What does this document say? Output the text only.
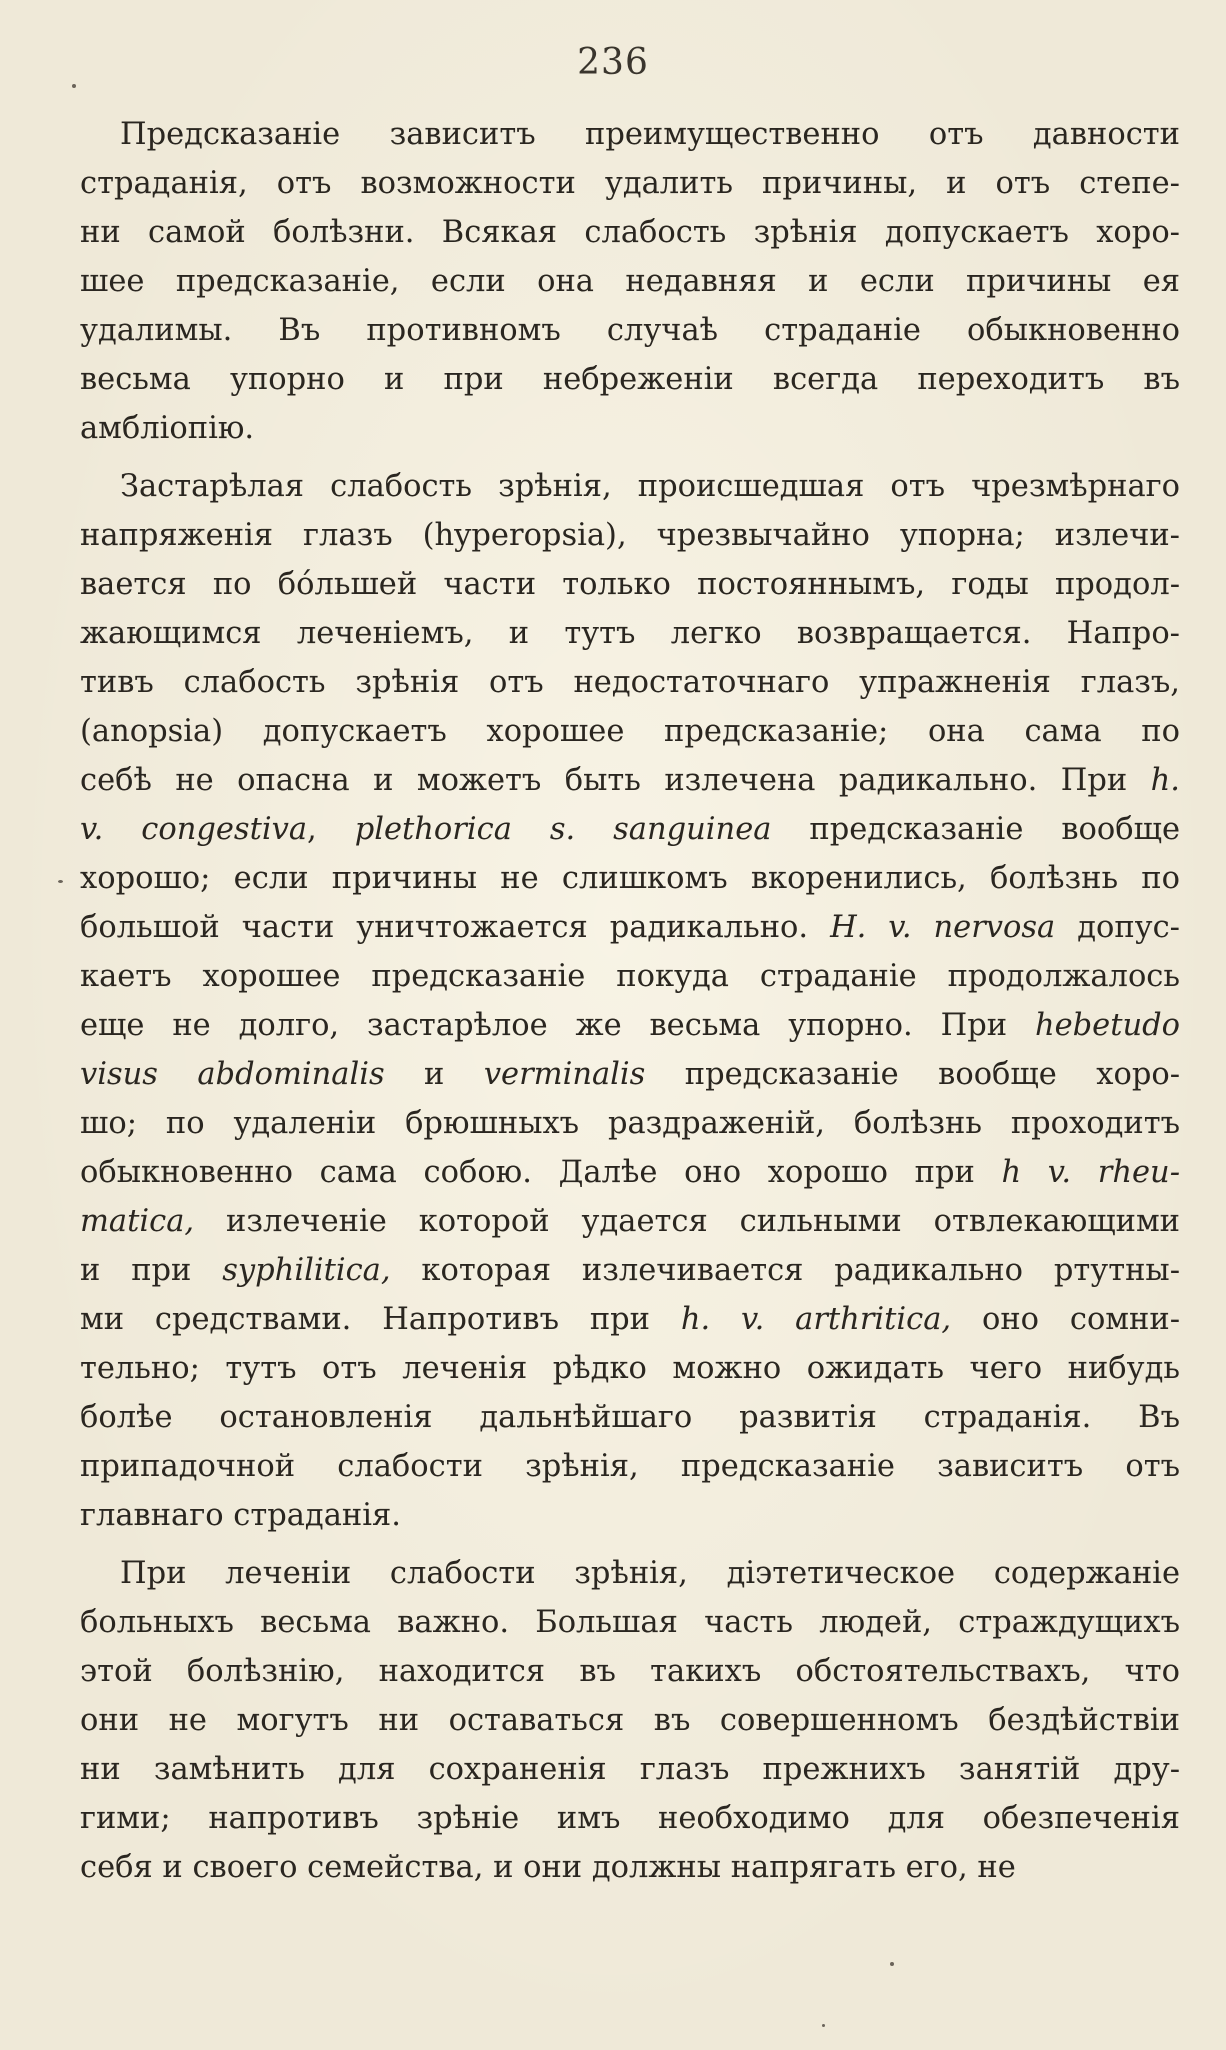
236
Предсказаніе зависитъ преимущественно отъ давности
страданія, отъ возможности удалить причины, и отъ степе-
ни самой болѣзни. Всякая слабость зрѣнія допускаетъ хоро-
шее предсказаніе, если она недавняя и если причины ея
удалимы. Въ противномъ случаѣ страданіе обыкновенно
весьма упорно и при небреженіи всегда переходитъ въ
амбліопію.
Застарѣлая слабость зрѣнія, происшедшая отъ чрезмѣрнаго
напряженія глазъ (hyperopsia), чрезвычайно упорна; излечи-
вается по бо́льшей части только постояннымъ, годы продол-
жающимся леченіемъ, и тутъ легко возвращается. Напро-
тивъ слабость зрѣнія отъ недостаточнаго упражненія глазъ,
(anopsia) допускаетъ хорошее предсказаніе; она сама по
себѣ не опасна и можетъ быть излечена радикально. При h.
v. congestiva, plethorica s. sanguinea предсказаніе вообще
хорошо; если причины не слишкомъ вкоренились, болѣзнь по
большой части уничтожается радикально. H. v. nervosa допус-
каетъ хорошее предсказаніе покуда страданіе продолжалось
еще не долго, застарѣлое же весьма упорно. При hebetudo
visus abdominalis и verminalis предсказаніе вообще хоро-
шо; по удаленіи брюшныхъ раздраженій, болѣзнь проходитъ
обыкновенно сама собою. Далѣе оно хорошо при h v. rheu-
matica, излеченіе которой удается сильными отвлекающими
и при syphilitica, которая излечивается радикально ртутны-
ми средствами. Напротивъ при h. v. arthritica, оно сомни-
тельно; тутъ отъ леченія рѣдко можно ожидать чего нибудь
болѣе остановленія дальнѣйшаго развитія страданія. Въ
припадочной слабости зрѣнія, предсказаніе зависитъ отъ
главнаго страданія.
При леченіи слабости зрѣнія, діэтетическое содержаніе
больныхъ весьма важно. Большая часть людей, страждущихъ
этой болѣзнію, находится въ такихъ обстоятельствахъ, что
они не могутъ ни оставаться въ совершенномъ бездѣйствіи
ни замѣнить для сохраненія глазъ прежнихъ занятій дру-
гими; напротивъ зрѣніе имъ необходимо для обезпеченія
себя и своего семейства, и они должны напрягать его, не
